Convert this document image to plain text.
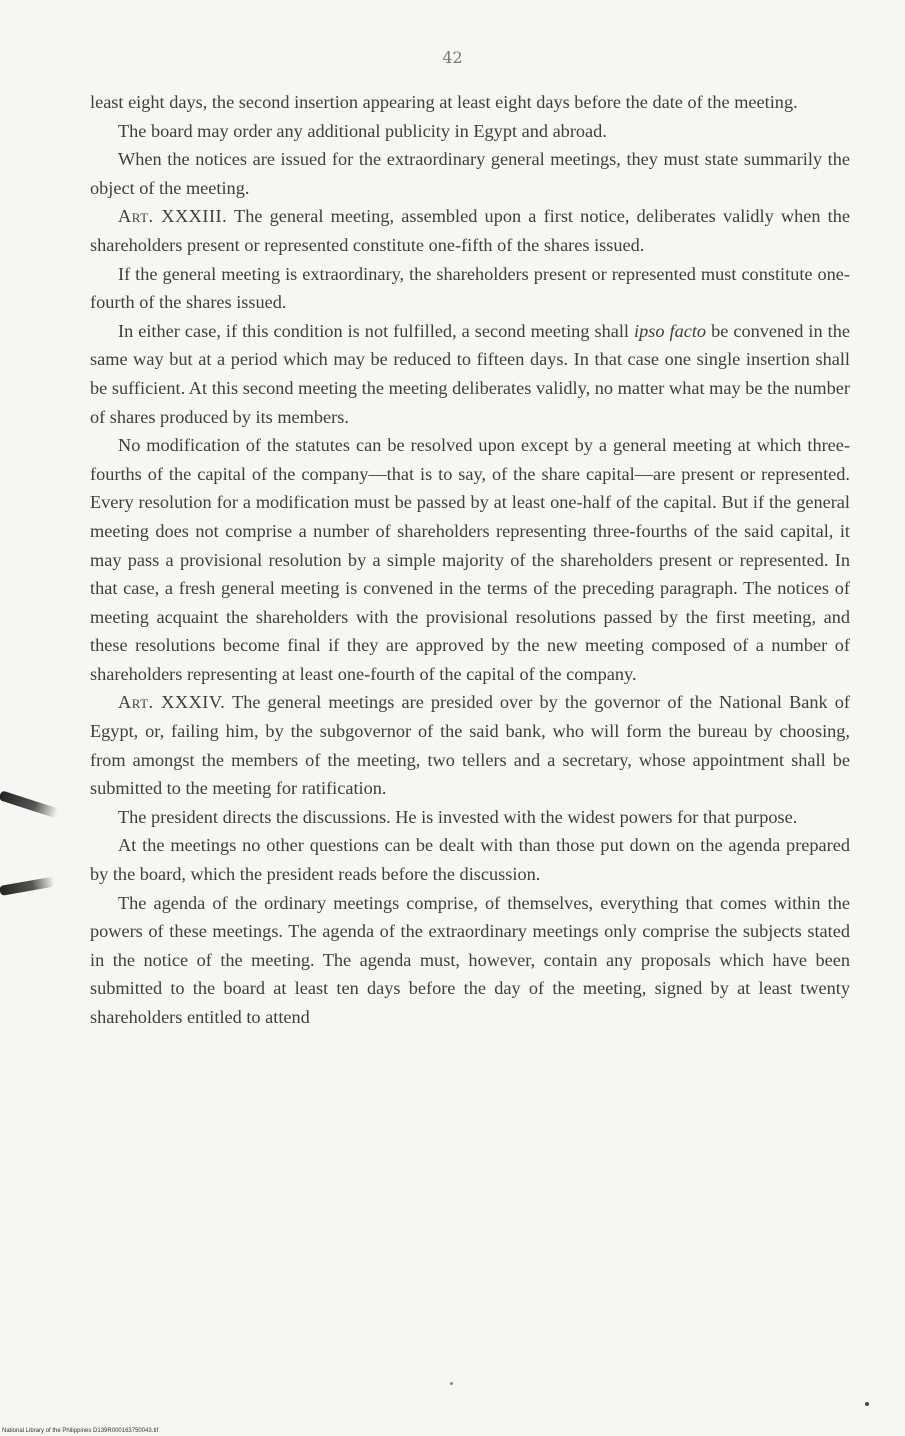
42

least eight days, the second insertion appearing at least eight days before the date of the meeting.

The board may order any additional publicity in Egypt and abroad.

When the notices are issued for the extraordinary general meetings, they must state summarily the object of the meeting.

Art. XXXIII. The general meeting, assembled upon a first notice, deliberates validly when the shareholders present or represented constitute one-fifth of the shares issued.

If the general meeting is extraordinary, the shareholders present or represented must constitute one-fourth of the shares issued.

In either case, if this condition is not fulfilled, a second meeting shall ipso facto be convened in the same way but at a period which may be reduced to fifteen days. In that case one single insertion shall be sufficient. At this second meeting the meeting deliberates validly, no matter what may be the number of shares produced by its members.

No modification of the statutes can be resolved upon except by a general meeting at which three-fourths of the capital of the company—that is to say, of the share capital—are present or represented. Every resolution for a modification must be passed by at least one-half of the capital. But if the general meeting does not comprise a number of shareholders representing three-fourths of the said capital, it may pass a provisional resolution by a simple majority of the shareholders present or represented. In that case, a fresh general meeting is convened in the terms of the preceding paragraph. The notices of meeting acquaint the shareholders with the provisional resolutions passed by the first meeting, and these resolutions become final if they are approved by the new meeting composed of a number of shareholders representing at least one-fourth of the capital of the company.

Art. XXXIV. The general meetings are presided over by the governor of the National Bank of Egypt, or, failing him, by the subgovernor of the said bank, who will form the bureau by choosing, from amongst the members of the meeting, two tellers and a secretary, whose appointment shall be submitted to the meeting for ratification.

The president directs the discussions. He is invested with the widest powers for that purpose.

At the meetings no other questions can be dealt with than those put down on the agenda prepared by the board, which the president reads before the discussion.

The agenda of the ordinary meetings comprise, of themselves, everything that comes within the powers of these meetings. The agenda of the extraordinary meetings only comprise the subjects stated in the notice of the meeting. The agenda must, however, contain any proposals which have been submitted to the board at least ten days before the day of the meeting, signed by at least twenty shareholders entitled to attend

National Library of the Philippines D139R000163750043.tif
